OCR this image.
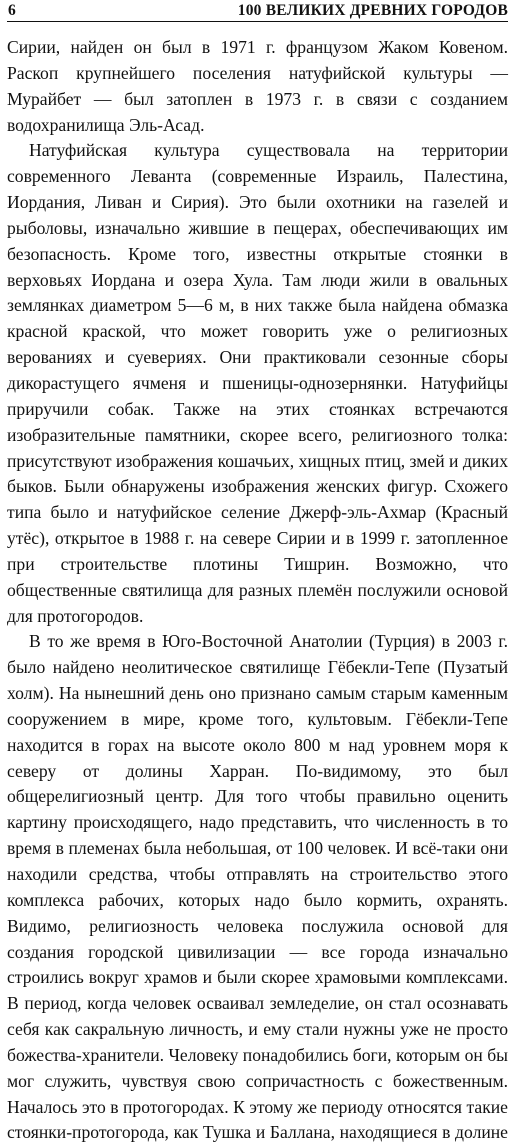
6	100 ВЕЛИКИХ ДРЕВНИХ ГОРОДОВ

Сирии, найден он был в 1971 г. французом Жаком Ковеном. Раскоп крупнейшего поселения натуфийской культуры — Мурайбет — был затоплен в 1973 г. в связи с созданием водохранилища Эль-Асад.

Натуфийская культура существовала на территории современного Леванта (современные Израиль, Палестина, Иордания, Ливан и Сирия). Это были охотники на газелей и рыболовы, изначально жившие в пещерах, обеспечивающих им безопасность. Кроме того, известны открытые стоянки в верховьях Иордана и озера Хула. Там люди жили в овальных землянках диаметром 5—6 м, в них также была найдена обмазка красной краской, что может говорить уже о религиозных верованиях и суевериях. Они практиковали сезонные сборы дикорастущего ячменя и пшеницы-однозернянки. Натуфийцы приручили собак. Также на этих стоянках встречаются изобразительные памятники, скорее всего, религиозного толка: присутствуют изображения кошачьих, хищных птиц, змей и диких быков. Были обнаружены изображения женских фигур. Схожего типа было и натуфийское селение Джерф-эль-Ахмар (Красный утёс), открытое в 1988 г. на севере Сирии и в 1999 г. затопленное при строительстве плотины Тишрин. Возможно, что общественные святилища для разных племён послужили основой для протогородов.

В то же время в Юго-Восточной Анатолии (Турция) в 2003 г. было найдено неолитическое святилище Гёбекли-Тепе (Пузатый холм). На нынешний день оно признано самым старым каменным сооружением в мире, кроме того, культовым. Гёбекли-Тепе находится в горах на высоте около 800 м над уровнем моря к северу от долины Харран. По-видимому, это был общерелигиозный центр. Для того чтобы правильно оценить картину происходящего, надо представить, что численность в то время в племенах была небольшая, от 100 человек. И всё-таки они находили средства, чтобы отправлять на строительство этого комплекса рабочих, которых надо было кормить, охранять. Видимо, религиозность человека послужила основой для создания городской цивилизации — все города изначально строились вокруг храмов и были скорее храмовыми комплексами. В период, когда человек осваивал земледелие, он стал осознавать себя как сакральную личность, и ему стали нужны уже не просто божества-хранители. Человеку понадобились боги, которым он бы мог служить, чувствуя свою сопричастность с божественным. Началось это в протогородах. К этому же периоду относятся такие стоянки-протогорода, как Тушка и Баллана, находящиеся в долине
